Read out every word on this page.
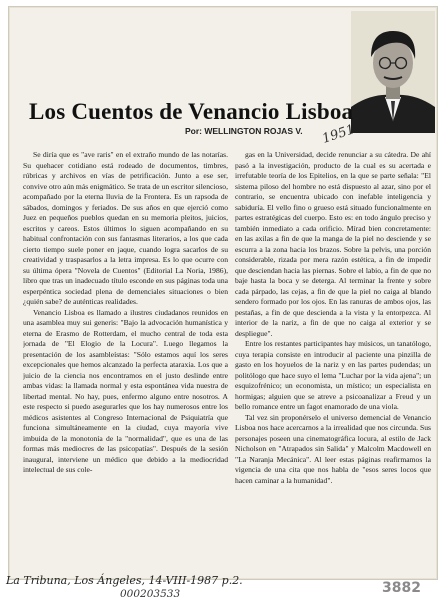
Los Cuentos de Venancio Lisboa
Por: WELLINGTON ROJAS V. 1951

Se diría que es "ave raris" en el extraño mundo de las notarías. Su quehacer cotidiano está rodeado de documentos, timbres, rúbricas y archivos en vías de petrificación. Junto a ese ser, convive otro aún más enigmático. Se trata de un escritor silencioso, acompañado por la eterna lluvia de la Frontera. Es un rapsoda de sábados, domingos y feriados. De sus años en que ejerció como Juez en pequeños pueblos quedan en su memoria pleitos, juicios, escritos y careos. Estos últimos lo siguen acompañando en su habitual confrontación con sus fantasmas literarios, a los que cada cierto tiempo suele poner en jaque, cuando logra sacarlos de su creatividad y traspasarlos a la letra impresa. Es lo que ocurre con su última ópera "Novela de Cuentos" (Editorial La Noria, 1986), libro que tras un inadecuado título esconde en sus páginas toda una esperpéntica sociedad plena de demenciales situaciones o bien ¿quién sabe? de auténticas realidades.

Venancio Lisboa es llamado a ilustres ciudadanos reunidos en una asamblea muy sui generis: "Bajo la advocación humanística y eterna de Erasmo de Rotterdam, el mucho central de toda esta jornada de "El Elogio de la Locura". Luego llegamos la presentación de los asambleístas: "Sólo estamos aquí los seres excepcionales que hemos alcanzado la perfecta ataraxia. Los que a juicio de la ciencia nos encontramos en el justo deslinde entre ambas vidas: la llamada normal y esta espontánea vida nuestra de libertad mental. No hay, pues, enfermo alguno entre nosotros. A este respecto si puedo asegurarles que los hay numerosos entre los médicos asistentes al Congreso Internacional de Psiquiatría que funciona simultáneamente en la ciudad, cuya mayoría vive imbuida de la monotonía de la "normalidad", que es una de las formas más mediocres de las psicopatías". Después de la sesión inaugural, interviene un médico que debido a la mediocridad intelectual de sus cole-

gas en la Universidad, decide renunciar a su cátedra. De ahí pasó a la investigación, producto de la cual es su acertada e irrefutable teoría de los Epitelios, en la que se parte señala: "El sistema piloso del hombre no está dispuesto al azar, sino por el contrario, se encuentra ubicado con inefable inteligencia y sabiduría. El vello fino o grueso está situado funcionalmente en partes estratégicas del cuerpo. Esto es: en todo ángulo preciso y también inmediato a cada orificio. Mírad bien concretamente: en las axilas a fin de que la manga de la piel no desciende y se escurra a la zona hacia los brazos. Sobre la pelvis, una porción considerable, rizada por mera razón estética, a fin de impedir que desciendan hacia las piernas. Sobre el labio, a fin de que no baje hasta la boca y se deterga. Al terminar la frente y sobre cada párpado, las cejas, a fin de que la piel no caiga al blando sendero formado por los ojos. En las ranuras de ambos ojos, las pestañas, a fin de que descienda a la vista y la entorpezca. Al interior de la nariz, a fin de que no caiga al exterior y se despliegue".

Entre los restantes participantes hay músicos, un tanatólogo, cuya terapia consiste en introducir al paciente una pinzilla de gasto en los hoyuelos de la nariz y en las partes pudendas; un politólogo que hace suyo el lema "Luchar por la vida ajena"; un esquizofrénico; un economista, un místico; un especialista en hormigas; alguien que se atreve a psicoanalizar a Freud y un bello romance entre un fagot enamorado de una viola.

Tal vez sin proponérselo el universo demencial de Venancio Lisboa nos hace acercarnos a la irrealidad que nos circunda. Sus personajes poseen una cinematográfica locura, al estilo de Jack Nicholson en "Atrapados sin Salida" y Malcolm Macdowell en "La Naranja Mecánica". Al leer estas páginas reafirmamos la vigencia de una cita que nos habla de "esos seres locos que hacen caminar a la humanidad".

La Tribuna, Los Ángeles, 14-VIII-1987 p.2.
000203533	3882
